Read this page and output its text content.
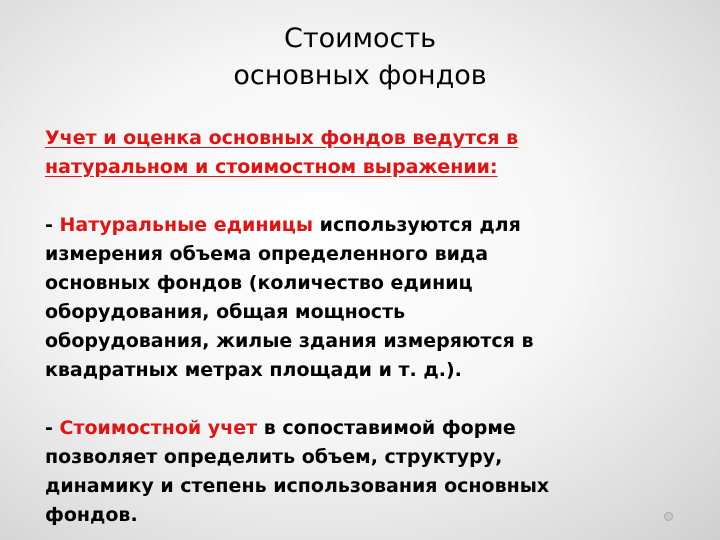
Стоимость
основных фондов

Учет и оценка основных фондов ведутся в

натуральном и стоимостном выражении:

- Натуральные единицы используются для

измерения объема определенного вида

основных фондов (количество единиц

оборудования, общая мощность

оборудования, жилые здания измеряются в

квадратных метрах площади и т. д.).

- Стоимостной учет в сопоставимой форме

позволяет определить объем, структуру,

динамику и степень использования основных

фондов.
